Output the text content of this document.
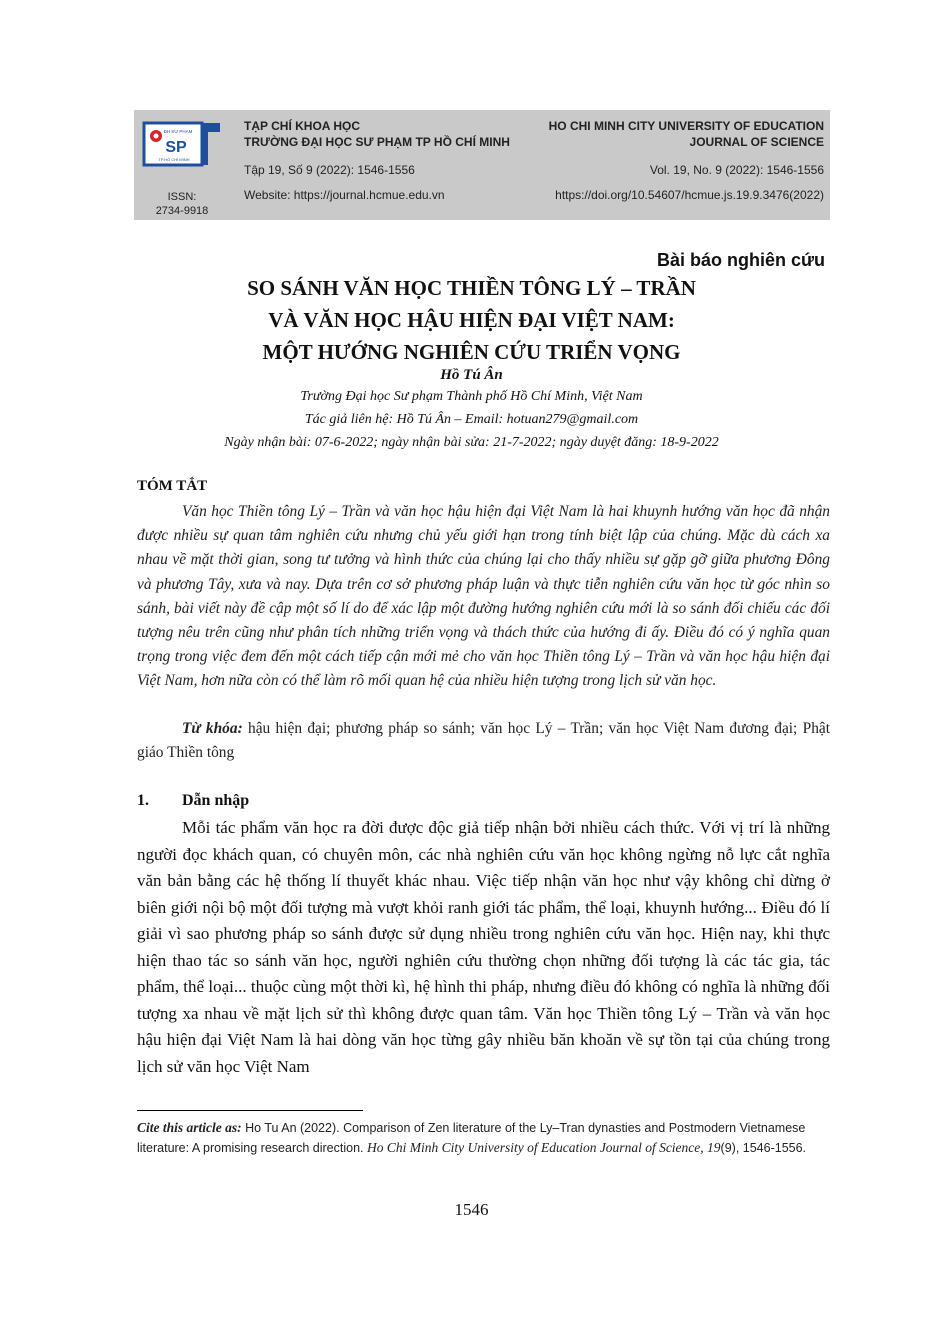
ĐH SƯ PHẠM
SP
TP.HỒ CHÍ MINH
ISSN:
2734-9918
TẠP CHÍ KHOA HỌC
TRƯỜNG ĐẠI HỌC SƯ PHẠM TP HỒ CHÍ MINH
Tập 19, Số 9 (2022): 1546-1556
Website: https://journal.hcmue.edu.vn
HO CHI MINH CITY UNIVERSITY OF EDUCATION
JOURNAL OF SCIENCE
Vol. 19, No. 9 (2022): 1546-1556
https://doi.org/10.54607/hcmue.js.19.9.3476(2022)
Bài báo nghiên cứu
SO SÁNH VĂN HỌC THIỀN TÔNG LÝ – TRẦN
VÀ VĂN HỌC HẬU HIỆN ĐẠI VIỆT NAM:
MỘT HƯỚNG NGHIÊN CỨU TRIỂN VỌNG
Hồ Tú Ân
Trường Đại học Sư phạm Thành phố Hồ Chí Minh, Việt Nam
Tác giả liên hệ: Hồ Tú Ân – Email: hotuan279@gmail.com
Ngày nhận bài: 07-6-2022; ngày nhận bài sửa: 21-7-2022; ngày duyệt đăng: 18-9-2022
TÓM TẮT

Văn học Thiền tông Lý – Trần và văn học hậu hiện đại Việt Nam là hai khuynh hướng văn học đã nhận được nhiều sự quan tâm nghiên cứu nhưng chủ yếu giới hạn trong tính biệt lập của chúng. Mặc dù cách xa nhau về mặt thời gian, song tư tưởng và hình thức của chúng lại cho thấy nhiều sự gặp gỡ giữa phương Đông và phương Tây, xưa và nay. Dựa trên cơ sở phương pháp luận và thực tiễn nghiên cứu văn học từ góc nhìn so sánh, bài viết này đề cập một số lí do để xác lập một đường hướng nghiên cứu mới là so sánh đối chiếu các đối tượng nêu trên cũng như phân tích những triển vọng và thách thức của hướng đi ấy. Điều đó có ý nghĩa quan trọng trong việc đem đến một cách tiếp cận mới mẻ cho văn học Thiền tông Lý – Trần và văn học hậu hiện đại Việt Nam, hơn nữa còn có thể làm rõ mối quan hệ của nhiều hiện tượng trong lịch sử văn học.

Từ khóa: hậu hiện đại; phương pháp so sánh; văn học Lý – Trần; văn học Việt Nam đương đại; Phật giáo Thiền tông
1. Dẫn nhập
Mỗi tác phẩm văn học ra đời được độc giả tiếp nhận bởi nhiều cách thức. Với vị trí là những người đọc khách quan, có chuyên môn, các nhà nghiên cứu văn học không ngừng nỗ lực cắt nghĩa văn bản bằng các hệ thống lí thuyết khác nhau. Việc tiếp nhận văn học như vậy không chỉ dừng ở biên giới nội bộ một đối tượng mà vượt khỏi ranh giới tác phẩm, thể loại, khuynh hướng... Điều đó lí giải vì sao phương pháp so sánh được sử dụng nhiều trong nghiên cứu văn học. Hiện nay, khi thực hiện thao tác so sánh văn học, người nghiên cứu thường chọn những đối tượng là các tác gia, tác phẩm, thể loại... thuộc cùng một thời kì, hệ hình thi pháp, nhưng điều đó không có nghĩa là những đối tượng xa nhau về mặt lịch sử thì không được quan tâm. Văn học Thiền tông Lý – Trần và văn học hậu hiện đại Việt Nam là hai dòng văn học từng gây nhiều băn khoăn về sự tồn tại của chúng trong lịch sử văn học Việt Nam
Cite this article as: Ho Tu An (2022). Comparison of Zen literature of the Ly–Tran dynasties and Postmodern Vietnamese literature: A promising research direction. Ho Chi Minh City University of Education Journal of Science, 19(9), 1546-1556.
1546
